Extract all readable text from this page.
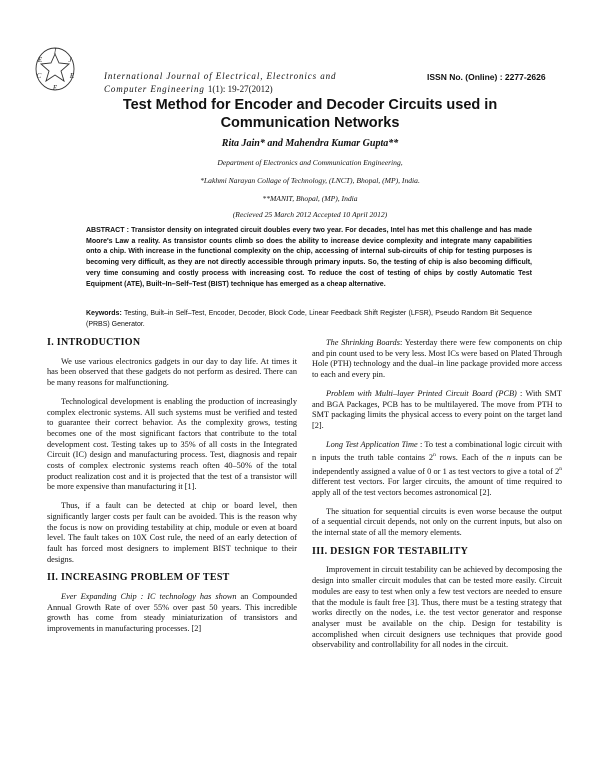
I
J
E
E
C
E
International Journal of Electrical, Electronics and
Computer Engineering 1(1): 19-27(2012)
ISSN No. (Online) : 2277-2626
Test Method for Encoder and Decoder Circuits used in
Communication Networks
Rita Jain* and Mahendra Kumar Gupta**
Department of Electronics and Communication Engineering,
*Lakhmi Narayan Collage of Technology, (LNCT), Bhopal, (MP), India.
**MANIT, Bhopal, (MP), India
(Recieved 25 March 2012 Accepted 10 April 2012)
ABSTRACT : Transistor density on integrated circuit doubles every two year. For decades, Intel has met this challenge and has made Moore's Law a reality. As transistor counts climb so does the ability to increase device complexity and integrate many capabilities onto a chip. With increase in the functional complexity on the chip, accessing of internal sub-circuits of chip for testing purposes is becoming very difficult, as they are not directly accessible through primary inputs. So, the testing of chip is also becoming difficult, very time consuming and costly process with increasing cost. To reduce the cost of testing of chips by costly Automatic Test Equipment (ATE), Built–In–Self–Test (BIST) technique has emerged as a cheap alternative.
Keywords: Testing, Built–in Self–Test, Encoder, Decoder, Block Code, Linear Feedback Shift Register (LFSR), Pseudo Random Bit Sequence (PRBS) Generator.
I. INTRODUCTION

We use various electronics gadgets in our day to day life. At times it has been observed that these gadgets do not perform as desired. There can be many reasons for malfunctioning.

Technological development is enabling the production of increasingly complex electronic systems. All such systems must be verified and tested to guarantee their correct behavior. As the complexity grows, testing becomes one of the most significant factors that contribute to the total development cost. Testing takes up to 35% of all costs in the Integrated Circuit (IC) design and manufacturing process. Test, diagnosis and repair costs of complex electronic systems reach often 40–50% of the total product realization cost and it is projected that the test of a transistor will be more expensive than manufacturing it [1].

Thus, if a fault can be detected at chip or board level, then significantly larger costs per fault can be avoided. This is the reason why the focus is now on providing testability at chip, module or even at board level. The fault takes on 10X Cost rule, the need of an early detection of fault has forced most designers to implement BIST technique to their designs.

II. INCREASING PROBLEM OF TEST

Ever Expanding Chip : IC technology has shown an Compounded Annual Growth Rate of over 55% over past 50 years. This incredible growth has come from steady miniaturization of transistors and improvements in manufacturing processes. [2]

The Shrinking Boards: Yesterday there were few components on chip and pin count used to be very less. Most ICs were based on Plated Through Hole (PTH) technology and the dual–in line package provided more access to each and every pin.

Problem with Multi–layer Printed Circuit Board (PCB) : With SMT and BGA Packages, PCB has to be multilayered. The move from PTH to SMT packaging limits the physical access to every point on the target land [2].

Long Test Application Time : To test a combinational logic circuit with n inputs the truth table contains 2$^n$ rows. Each of the n inputs can be independently assigned a value of 0 or 1 as test vectors to give a total of 2$^n$ different test vectors. For larger circuits, the amount of time required to apply all of the test vectors becomes astronomical [2].

The situation for sequential circuits is even worse because the output of a sequential circuit depends, not only on the current inputs, but also on the internal state of all the memory elements.

III. DESIGN FOR TESTABILITY

Improvement in circuit testability can be achieved by decomposing the design into smaller circuit modules that can be tested more easily. Circuit modules are easy to test when only a few test vectors are needed to ensure that the module is fault free [3]. Thus, there must be a testing strategy that works directly on the nodes, i.e. the test vector generator and response analyser must be available on the chip. Design for testability is accomplished when circuit designers use techniques that provide good observability and controllability for all nodes in the circuit.
